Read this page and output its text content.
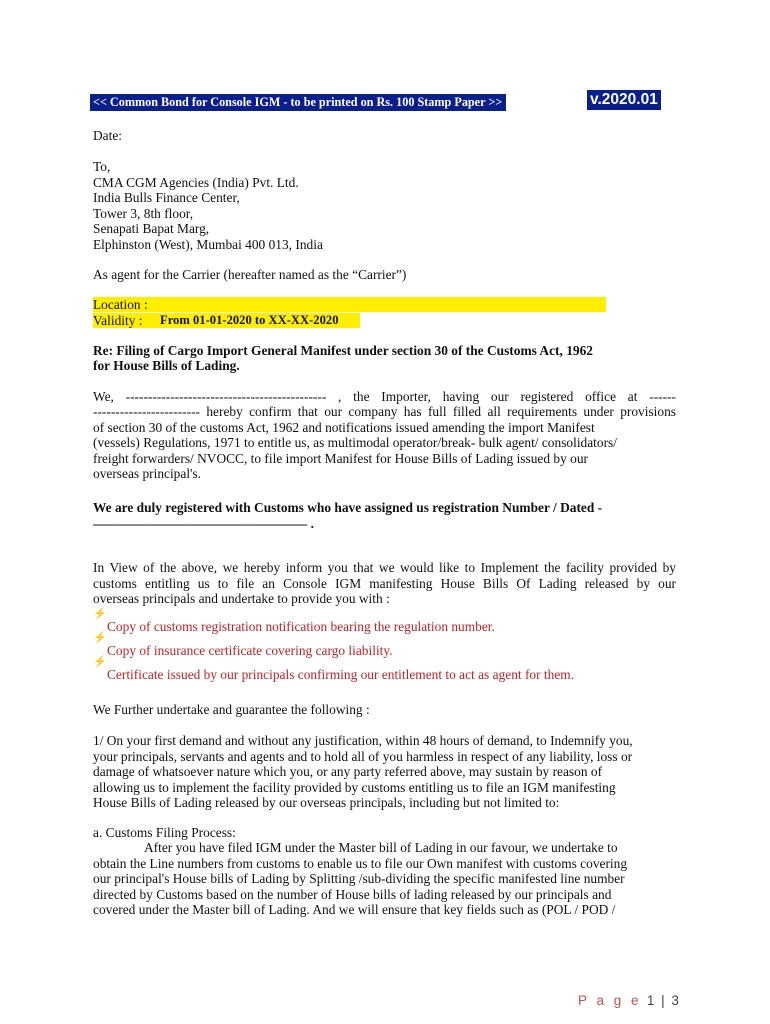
<< Common Bond for Console IGM - to be printed on Rs. 100 Stamp Paper >>	v.2020.01
Date:
To,
CMA CGM Agencies (India) Pvt. Ltd.
India Bulls Finance Center,
Tower 3, 8th floor,
Senapati Bapat Marg,
Elphinston (West), Mumbai 400 013, India
As agent for the Carrier (hereafter named as the “Carrier”)
Location :
Validity : From 01-01-2020 to XX-XX-2020
Re: Filing of Cargo Import General Manifest under section 30 of the Customs Act, 1962
for House Bills of Lading.
We, --------------------------------------------- , the Importer, having our registered office at ------
------------------------ hereby confirm that our company has full filled all requirements under provisions
of section 30 of the customs Act, 1962 and notifications issued amending the import Manifest
(vessels) Regulations, 1971 to entitle us, as multimodal operator/break- bulk agent/ consolidators/
freight forwarders/ NVOCC, to file import Manifest for House Bills of Lading issued by our
overseas principal's.
We are duly registered with Customs who have assigned us registration Number / Dated -
———————————————— .
In View of the above, we hereby inform you that we would like to Implement the facility provided by
customs entitling us to file an Console IGM manifesting House Bills Of Lading released by our
overseas principals and undertake to provide you with :
⚡
Copy of customs registration notification bearing the regulation number.
⚡
Copy of insurance certificate covering cargo liability.
⚡
Certificate issued by our principals confirming our entitlement to act as agent for them.
We Further undertake and guarantee the following :
1/ On your first demand and without any justification, within 48 hours of demand, to Indemnify you,
your principals, servants and agents and to hold all of you harmless in respect of any liability, loss or
damage of whatsoever nature which you, or any party referred above, may sustain by reason of
allowing us to implement the facility provided by customs entitling us to file an IGM manifesting
House Bills of Lading released by our overseas principals, including but not limited to:
a. Customs Filing Process:
After you have filed IGM under the Master bill of Lading in our favour, we undertake to
obtain the Line numbers from customs to enable us to file our Own manifest with customs covering
our principal's House bills of Lading by Splitting /sub-dividing the specific manifested line number
directed by Customs based on the number of House bills of lading released by our principals and
covered under the Master bill of Lading. And we will ensure that key fields such as (POL / POD /
P a g e 1 | 3
